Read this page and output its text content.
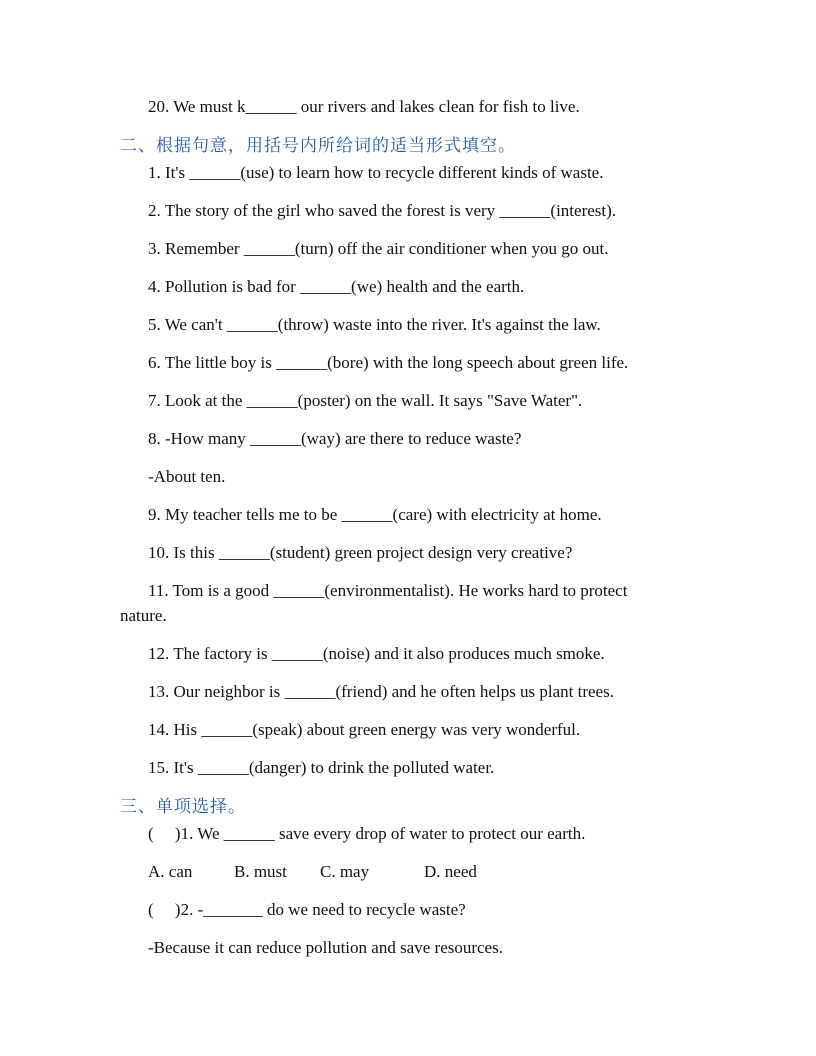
20. We must k______ our rivers and lakes clean for fish to live.
二、根据句意，用括号内所给词的适当形式填空。
1. It's ______(use) to learn how to recycle different kinds of waste.
2. The story of the girl who saved the forest is very ______(interest).
3. Remember ______(turn) off the air conditioner when you go out.
4. Pollution is bad for ______(we) health and the earth.
5. We can't ______(throw) waste into the river. It's against the law.
6. The little boy is ______(bore) with the long speech about green life.
7. Look at the ______(poster) on the wall. It says "Save Water".
8. -How many ______(way) are there to reduce waste?
-About ten.
9. My teacher tells me to be ______(care) with electricity at home.
10. Is this ______(student) green project design very creative?
11. Tom is a good ______(environmentalist). He works hard to protect
nature.
12. The factory is ______(noise) and it also produces much smoke.
13. Our neighbor is ______(friend) and he often helps us plant trees.
14. His ______(speak) about green energy was very wonderful.
15. It's ______(danger) to drink the polluted water.
三、单项选择。
(     )1. We ______ save every drop of water to protect our earth.
A. can B. must C. may	D. need
(     )2. -_______ do we need to recycle waste?
-Because it can reduce pollution and save resources.
